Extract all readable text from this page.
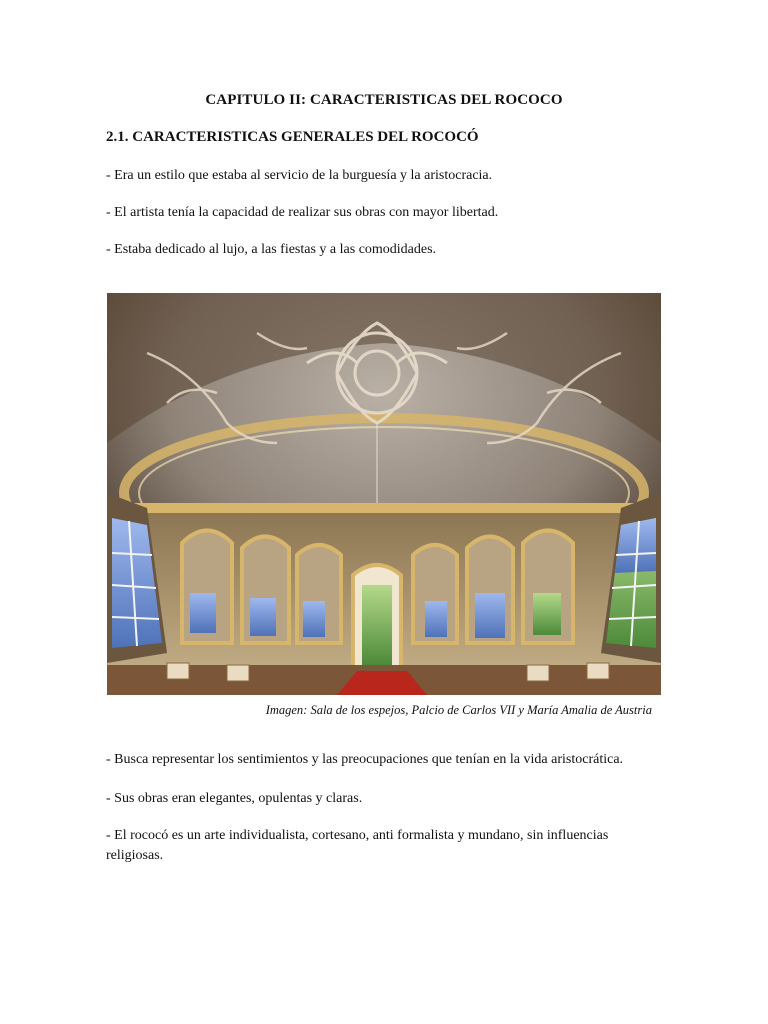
CAPITULO II: CARACTERISTICAS DEL ROCOCO
2.1. CARACTERISTICAS GENERALES DEL ROCOCÓ
- Era un estilo que estaba al servicio de la burguesía y la aristocracia.
- El artista tenía la capacidad de realizar sus obras con mayor libertad.
- Estaba dedicado al lujo, a las fiestas y a las comodidades.
Imagen: Sala de los espejos, Palcio de Carlos VII y María Amalia de Austria
- Busca representar los sentimientos y las preocupaciones que tenían en la vida aristocrática.
- Sus obras eran elegantes, opulentas y claras.
- El rococó es un arte individualista, cortesano, anti formalista y mundano, sin influencias religiosas.
